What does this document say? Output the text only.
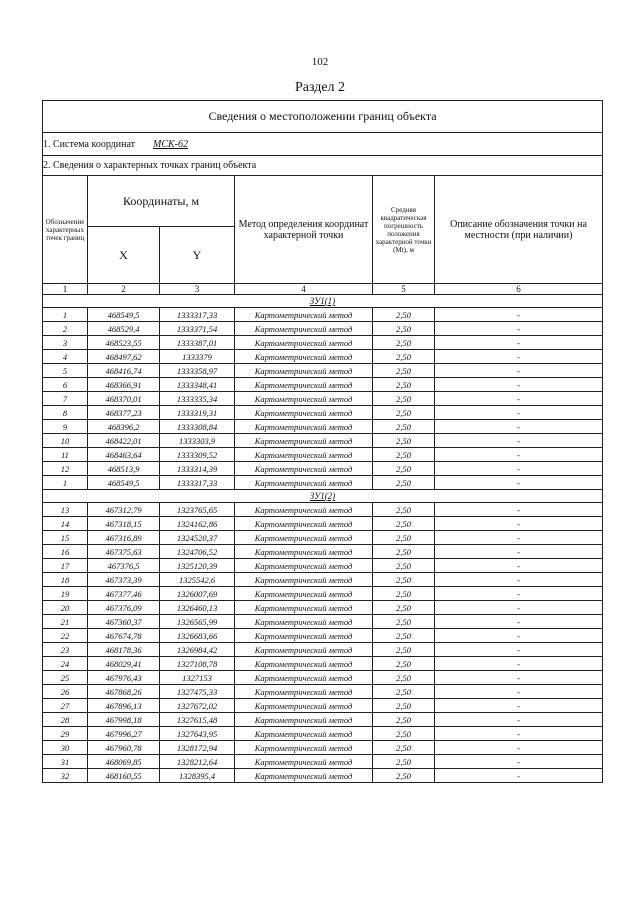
102
Раздел 2
Сведения о местоположении границ объекта					
1. Система координат МСК-62					
2. Сведения о характерных точках границ объекта					
Обозначение характерных точек границ	Координаты, м		Метод определения координат характерной точки	Средняя квадратическая погрешность положения характерной точки (Mt), м	Описание обозначения точки на местности (при наличии)
	X	Y			
1	2	3	4	5	6
ЗУ1(1)					
1	468549,5	1333317,33	Картометрический метод	2,50	-
2	468529,4	1333371,54	Картометрический метод	2,50	-
3	468523,55	1333387,01	Картометрический метод	2,50	-
4	468497,62	1333379	Картометрический метод	2,50	-
5	468416,74	1333358,97	Картометрический метод	2,50	-
6	468366,91	1333348,41	Картометрический метод	2,50	-
7	468370,01	1333335,34	Картометрический метод	2,50	-
8	468377,23	1333319,31	Картометрический метод	2,50	-
9	468396,2	1333308,84	Картометрический метод	2,50	-
10	468422,01	1333303,9	Картометрический метод	2,50	-
11	468463,64	1333309,52	Картометрический метод	2,50	-
12	468513,9	1333314,39	Картометрический метод	2,50	-
1	468549,5	1333317,33	Картометрический метод	2,50	-
ЗУ1(2)					
13	467312,79	1323765,65	Картометрический метод	2,50	-
14	467318,15	1324162,86	Картометрический метод	2,50	-
15	467316,89	1324520,37	Картометрический метод	2,50	-
16	467375,63	1324706,52	Картометрический метод	2,50	-
17	467376,5	1325120,39	Картометрический метод	2,50	-
18	467373,39	1325542,6	Картометрический метод	2,50	-
19	467377,46	1326007,69	Картометрический метод	2,50	-
20	467376,09	1326460,13	Картометрический метод	2,50	-
21	467360,37	1326565,99	Картометрический метод	2,50	-
22	467674,78	1326683,66	Картометрический метод	2,50	-
23	468178,36	1326984,42	Картометрический метод	2,50	-
24	468029,41	1327108,78	Картометрический метод	2,50	-
25	467976,43	1327153	Картометрический метод	2,50	-
26	467868,26	1327475,33	Картометрический метод	2,50	-
27	467896,13	1327672,02	Картометрический метод	2,50	-
28	467998,18	1327615,48	Картометрический метод	2,50	-
29	467996,27	1327643,95	Картометрический метод	2,50	-
30	467960,78	1328172,94	Картометрический метод	2,50	-
31	468069,85	1328212,64	Картометрический метод	2,50	-
32	468160,55	1328395,4	Картометрический метод	2,50	-
